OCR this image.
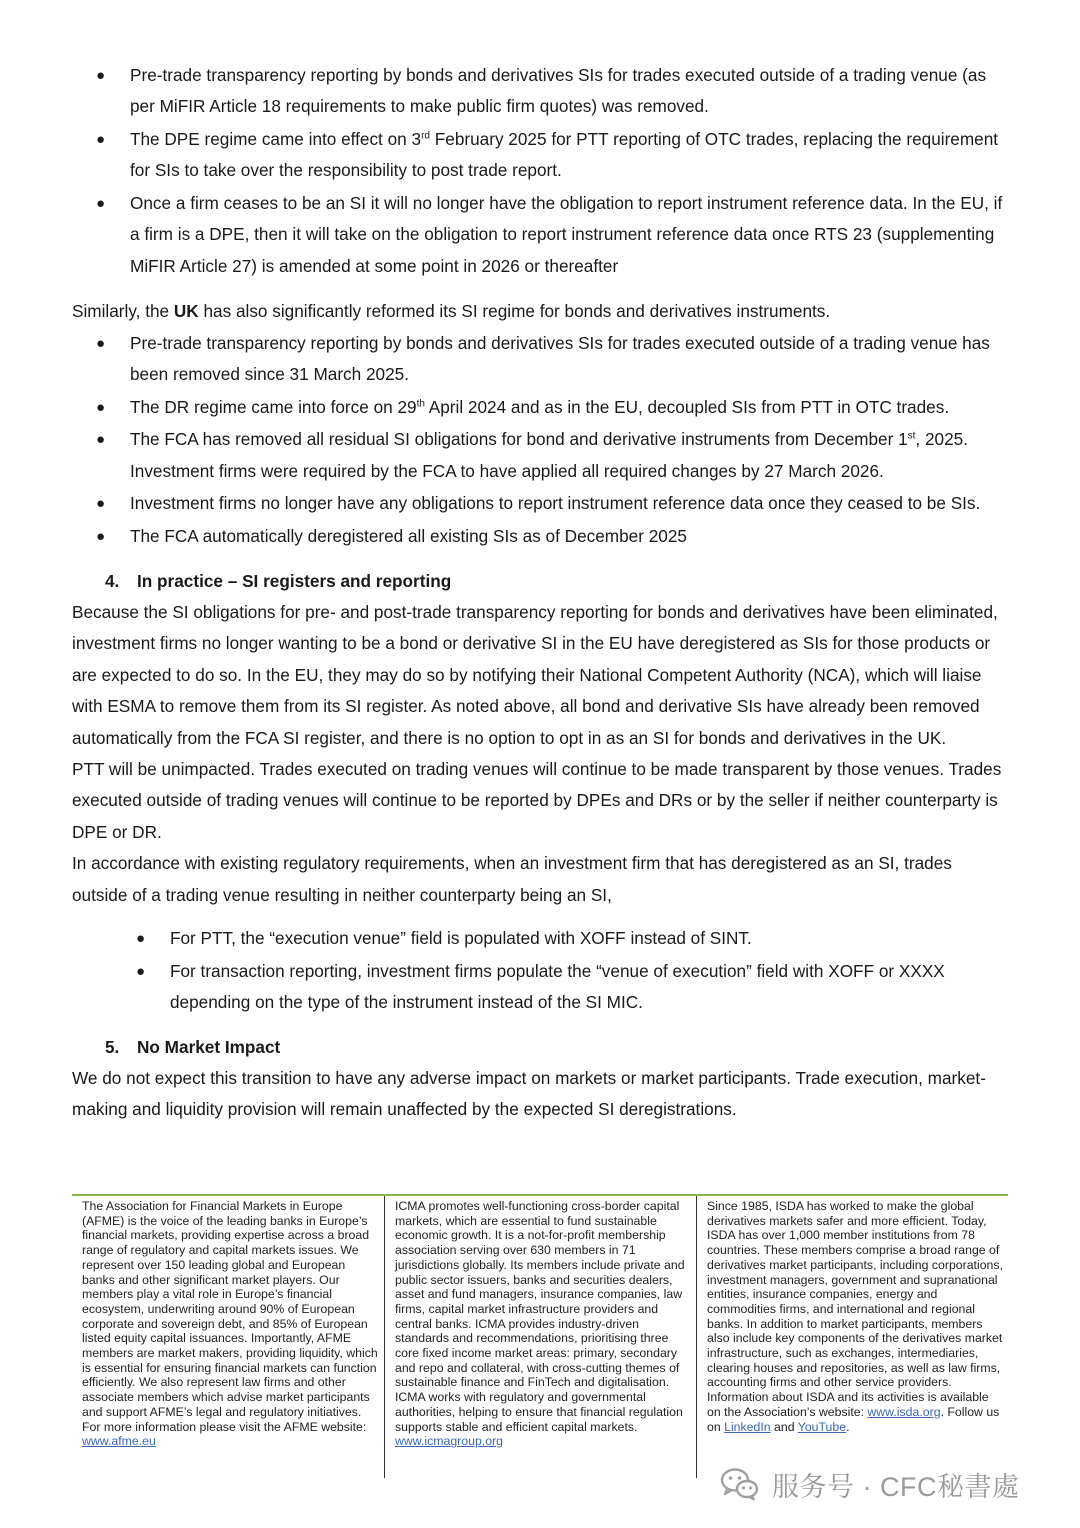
● Pre-trade transparency reporting by bonds and derivatives SIs for trades executed outside of a trading venue (as per MiFIR Article 18 requirements to make public firm quotes) was removed.
● The DPE regime came into effect on 3rd February 2025 for PTT reporting of OTC trades, replacing the requirement for SIs to take over the responsibility to post trade report.
● Once a firm ceases to be an SI it will no longer have the obligation to report instrument reference data. In the EU, if a firm is a DPE, then it will take on the obligation to report instrument reference data once RTS 23 (supplementing MiFIR Article 27) is amended at some point in 2026 or thereafter

Similarly, the UK has also significantly reformed its SI regime for bonds and derivatives instruments.

● Pre-trade transparency reporting by bonds and derivatives SIs for trades executed outside of a trading venue has been removed since 31 March 2025.
● The DR regime came into force on 29th April 2024 and as in the EU, decoupled SIs from PTT in OTC trades.
● The FCA has removed all residual SI obligations for bond and derivative instruments from December 1st, 2025. Investment firms were required by the FCA to have applied all required changes by 27 March 2026.
● Investment firms no longer have any obligations to report instrument reference data once they ceased to be SIs.
● The FCA automatically deregistered all existing SIs as of December 2025
4. In practice – SI registers and reporting

Because the SI obligations for pre- and post-trade transparency reporting for bonds and derivatives have been eliminated, investment firms no longer wanting to be a bond or derivative SI in the EU have deregistered as SIs for those products or are expected to do so. In the EU, they may do so by notifying their National Competent Authority (NCA), which will liaise with ESMA to remove them from its SI register. As noted above, all bond and derivative SIs have already been removed automatically from the FCA SI register, and there is no option to opt in as an SI for bonds and derivatives in the UK.

PTT will be unimpacted. Trades executed on trading venues will continue to be made transparent by those venues. Trades executed outside of trading venues will continue to be reported by DPEs and DRs or by the seller if neither counterparty is DPE or DR.

In accordance with existing regulatory requirements, when an investment firm that has deregistered as an SI, trades outside of a trading venue resulting in neither counterparty being an SI,

● For PTT, the “execution venue” field is populated with XOFF instead of SINT.
● For transaction reporting, investment firms populate the “venue of execution” field with XOFF or XXXX depending on the type of the instrument instead of the SI MIC.
5. No Market Impact

We do not expect this transition to have any adverse impact on markets or market participants. Trade execution, market-making and liquidity provision will remain unaffected by the expected SI deregistrations.

The Association for Financial Markets in Europe (AFME) is the voice of the leading banks in Europe’s financial markets, providing expertise across a broad range of regulatory and capital markets issues. We represent over 150 leading global and European banks and other significant market players. Our members play a vital role in Europe’s financial ecosystem, underwriting around 90% of European corporate and sovereign debt, and 85% of European listed equity capital issuances. Importantly, AFME members are market makers, providing liquidity, which is essential for ensuring financial markets can function efficiently. We also represent law firms and other associate members which advise market participants and support AFME’s legal and regulatory initiatives. For more information please visit the AFME website: www.afme.eu
ICMA promotes well-functioning cross-border capital markets, which are essential to fund sustainable economic growth. It is a not-for-profit membership association serving over 630 members in 71 jurisdictions globally. Its members include private and public sector issuers, banks and securities dealers, asset and fund managers, insurance companies, law firms, capital market infrastructure providers and central banks. ICMA provides industry-driven standards and recommendations, prioritising three core fixed income market areas: primary, secondary and repo and collateral, with cross-cutting themes of sustainable finance and FinTech and digitalisation. ICMA works with regulatory and governmental authorities, helping to ensure that financial regulation supports stable and efficient capital markets. www.icmagroup.org
Since 1985, ISDA has worked to make the global derivatives markets safer and more efficient. Today, ISDA has over 1,000 member institutions from 78 countries. These members comprise a broad range of derivatives market participants, including corporations, investment managers, government and supranational entities, insurance companies, energy and commodities firms, and international and regional banks. In addition to market participants, members also include key components of the derivatives market infrastructure, such as exchanges, intermediaries, clearing houses and repositories, as well as law firms, accounting firms and other service providers. Information about ISDA and its activities is available on the Association’s website: www.isda.org. Follow us on LinkedIn and YouTube.
服务号 · CFC秘書處
